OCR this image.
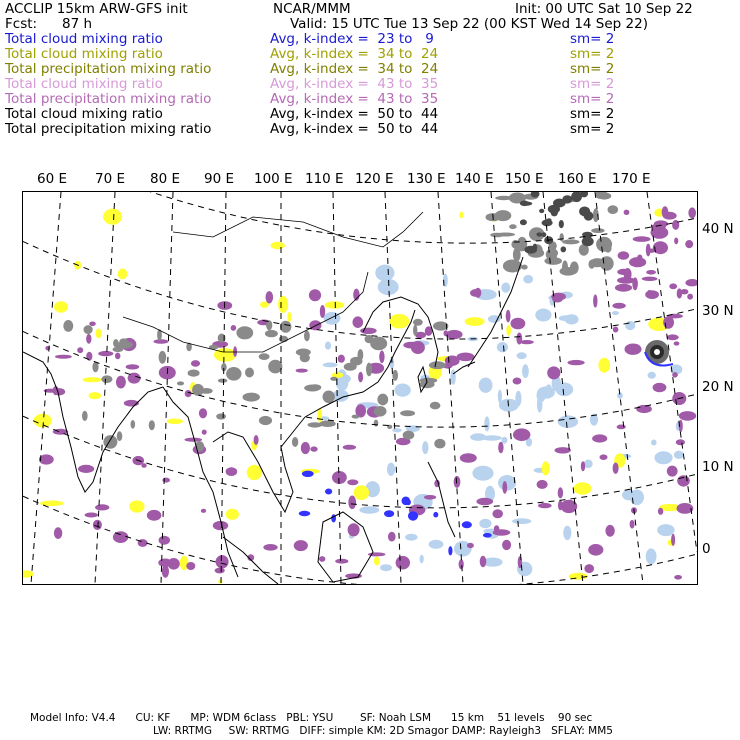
ACCLIP 15km ARW-GFS init	NCAR/MMM	Init: 00 UTC Sat 10 Sep 22
Fcst: 87 h	Valid: 15 UTC Tue 13 Sep 22 (00 KST Wed 14 Sep 22)
Total cloud mixing ratio	Avg, k-index =  23 to   9	sm= 2
Total cloud mixing ratio	Avg, k-index =  34 to  24	sm= 2
Total precipitation mixing ratio	Avg, k-index =  34 to  24	sm= 2
Total cloud mixing ratio	Avg, k-index =  43 to  35	sm= 2
Total precipitation mixing ratio	Avg, k-index =  43 to  35	sm= 2
Total cloud mixing ratio	Avg, k-index =  50 to  44	sm= 2
Total precipitation mixing ratio	Avg, k-index =  50 to  44	sm= 2
60 E 70 E 80 E 90 E 100 E 110 E 120 E 130 E 140 E 150 E 160 E 170 E
40 N
30 N
20 N
10 N
0
Model Info: V4.4      CU: KF      MP: WDM 6class   PBL: YSU        SF: Noah LSM      15 km    51 levels    90 sec
LW: RRTMG     SW: RRTMG   DIFF: simple KM: 2D Smagor DAMP: Rayleigh3   SFLAY: MM5
